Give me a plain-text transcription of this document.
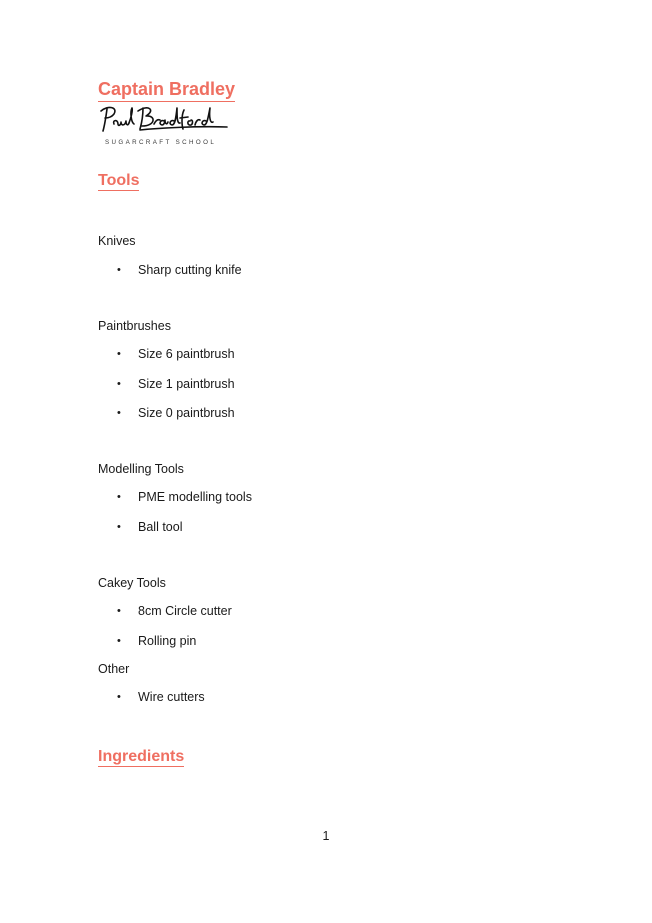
Captain Bradley
SUGARCRAFT SCHOOL
Tools
Knives
•	Sharp cutting knife
Paintbrushes
•	Size 6 paintbrush
•	Size 1 paintbrush
•	Size 0 paintbrush
Modelling Tools
•	PME modelling tools
•	Ball tool
Cakey Tools
•	8cm Circle cutter
•	Rolling pin
Other
•	Wire cutters
Ingredients
1
